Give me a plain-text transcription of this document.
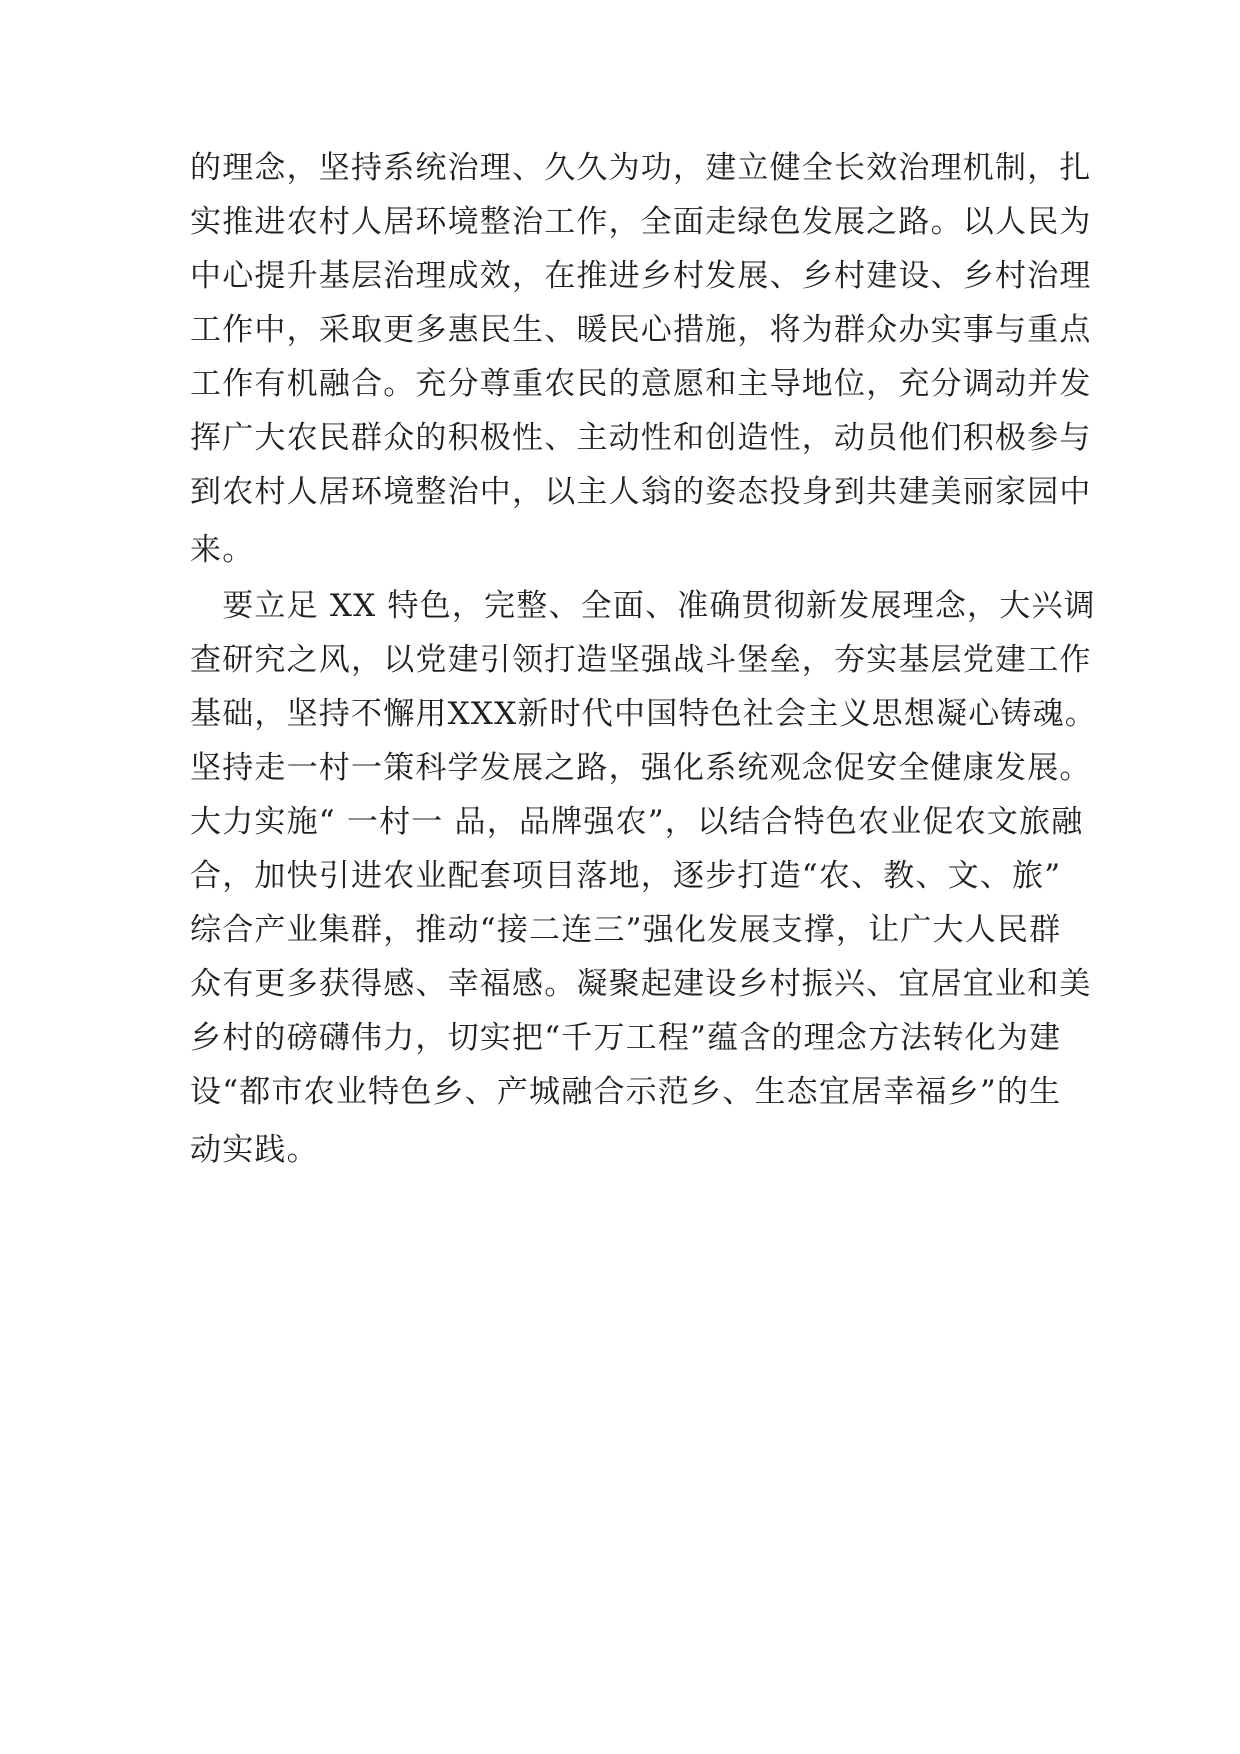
的理念，坚持系统治理、久久为功，建立健全长效治理机制，扎
实推进农村人居环境整治工作，全面走绿色发展之路。以人民为
中心提升基层治理成效，在推进乡村发展、乡村建设、乡村治理
工作中，采取更多惠民生、暖民心措施，将为群众办实事与重点
工作有机融合。充分尊重农民的意愿和主导地位，充分调动并发
挥广大农民群众的积极性、主动性和创造性，动员他们积极参与
到农村人居环境整治中，以主人翁的姿态投身到共建美丽家园中
来。
　要立足 XX 特色，完整、全面、准确贯彻新发展理念，大兴调
查研究之风，以党建引领打造坚强战斗堡垒，夯实基层党建工作
基础，坚持不懈用XXX新时代中国特色社会主义思想凝心铸魂。
坚持走一村一策科学发展之路，强化系统观念促安全健康发展。
大力实施“ 一村一 品，品牌强农”，以结合特色农业促农文旅融
合，加快引进农业配套项目落地，逐步打造“农、教、文、旅”
综合产业集群，推动“接二连三”强化发展支撑，让广大人民群
众有更多获得感、幸福感。凝聚起建设乡村振兴、宜居宜业和美
乡村的磅礴伟力，切实把“千万工程”蕴含的理念方法转化为建
设“都市农业特色乡、产城融合示范乡、生态宜居幸福乡”的生
动实践。
